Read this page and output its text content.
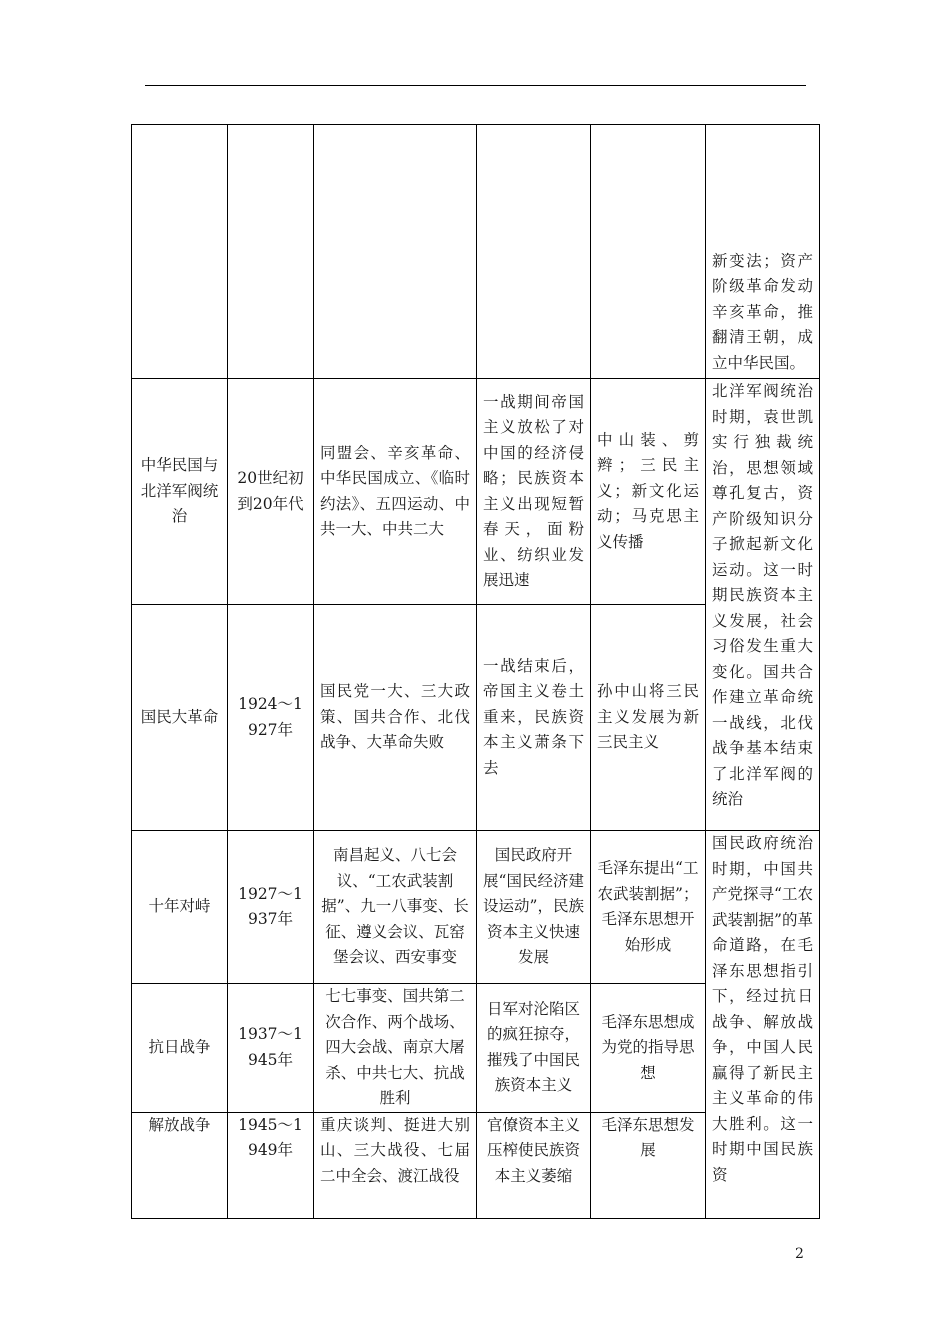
					新变法；资产阶级革命发动辛亥革命，推翻清王朝，成立中华民国。
中华民国与北洋军阀统治	20世纪初到20年代	同盟会、辛亥革命、中华民国成立、《临时约法》、五四运动、中共一大、中共二大	一战期间帝国主义放松了对中国的经济侵略；民族资本主义出现短暂春天，面粉业、纺织业发展迅速	中山装、剪辫；三民主义；新文化运动；马克思主义传播	北洋军阀统治时期，袁世凯实行独裁统治，思想领域尊孔复古，资产阶级知识分子掀起新文化运动。这一时期民族资本主义发展，社会习俗发生重大变化。国共合作建立革命统一战线，北伐战争基本结束了北洋军阀的统治
国民大革命	1924～1927年	国民党一大、三大政策、国共合作、北伐战争、大革命失败	一战结束后，帝国主义卷土重来，民族资本主义萧条下去	孙中山将三民主义发展为新三民主义	
十年对峙	1927～1937年	南昌起义、八七会议、“工农武装割据”、九一八事变、长征、遵义会议、瓦窑堡会议、西安事变	国民政府开展“国民经济建设运动”，民族资本主义快速发展	毛泽东提出“工农武装割据”；毛泽东思想开始形成	国民政府统治时期，中国共产党探寻“工农武装割据”的革命道路，在毛泽东思想指引下，经过抗日战争、解放战争，中国人民赢得了新民主主义革命的伟大胜利。这一时期中国民族资
抗日战争	1937～1945年	七七事变、国共第二次合作、两个战场、四大会战、南京大屠杀、中共七大、抗战胜利	日军对沦陷区的疯狂掠夺，摧残了中国民族资本主义	毛泽东思想成为党的指导思想	
解放战争	1945～1949年	重庆谈判、挺进大别山、三大战役、七届二中全会、渡江战役	官僚资本主义压榨使民族资本主义萎缩	毛泽东思想发展	
2
